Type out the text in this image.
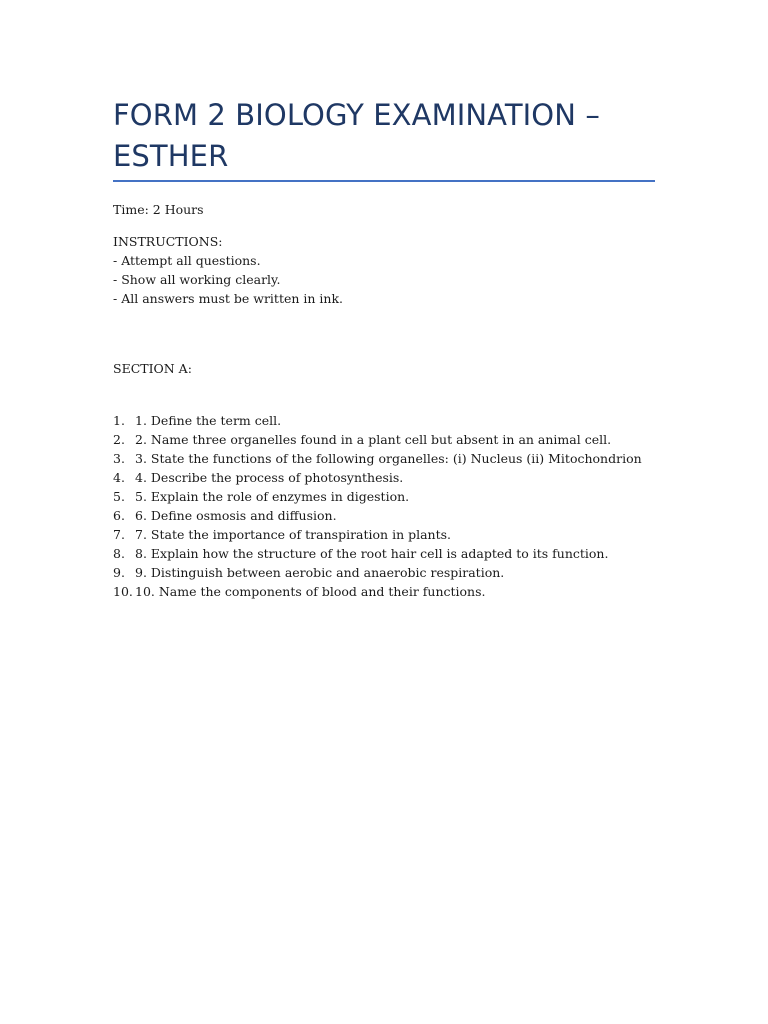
FORM 2 BIOLOGY EXAMINATION – ESTHER

Time: 2 Hours

INSTRUCTIONS:
- Attempt all questions.
- Show all working clearly.
- All answers must be written in ink.

SECTION A:

1. 1. Define the term cell.
2. 2. Name three organelles found in a plant cell but absent in an animal cell.
3. 3. State the functions of the following organelles: (i) Nucleus (ii) Mitochondrion
4. 4. Describe the process of photosynthesis.
5. 5. Explain the role of enzymes in digestion.
6. 6. Define osmosis and diffusion.
7. 7. State the importance of transpiration in plants.
8. 8. Explain how the structure of the root hair cell is adapted to its function.
9. 9. Distinguish between aerobic and anaerobic respiration.
10. 10. Name the components of blood and their functions.
